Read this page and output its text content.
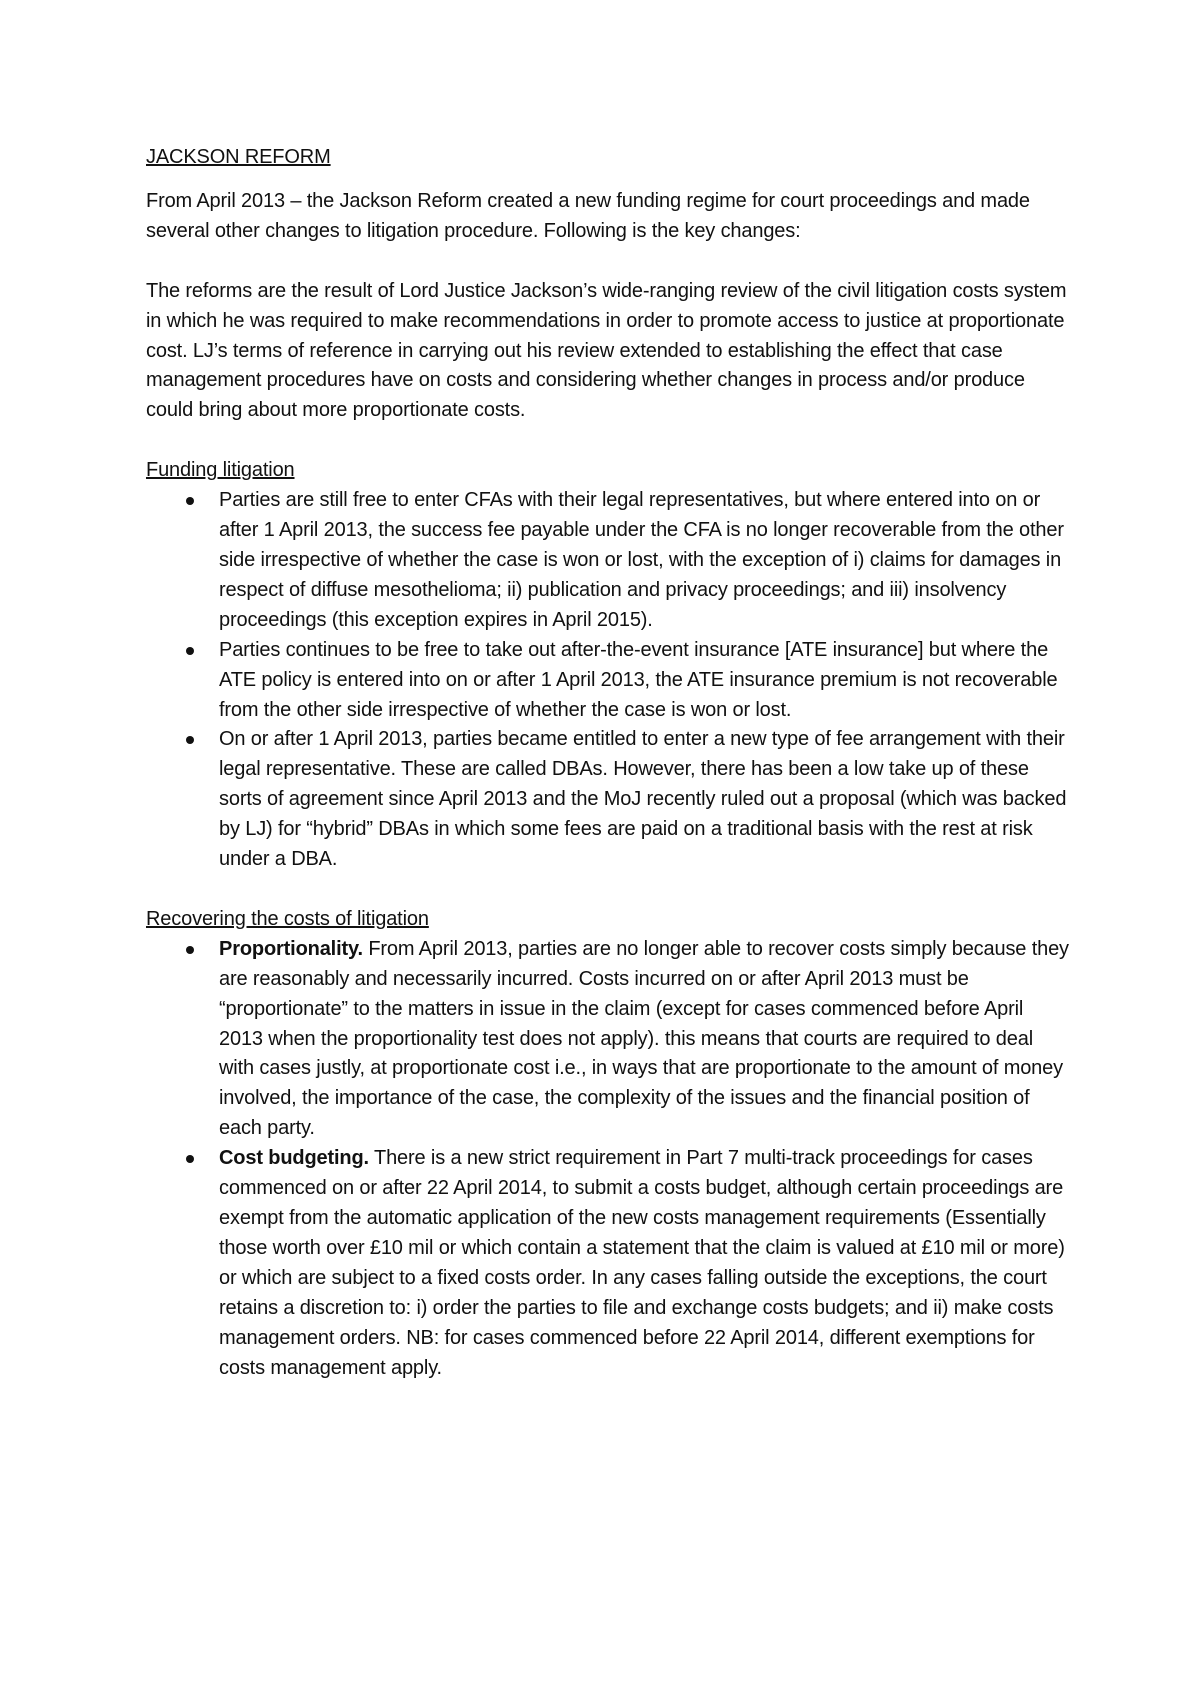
JACKSON REFORM

From April 2013 – the Jackson Reform created a new funding regime for court proceedings and made several other changes to litigation procedure. Following is the key changes:

The reforms are the result of Lord Justice Jackson’s wide-ranging review of the civil litigation costs system in which he was required to make recommendations in order to promote access to justice at proportionate cost. LJ’s terms of reference in carrying out his review extended to establishing the effect that case management procedures have on costs and considering whether changes in process and/or produce could bring about more proportionate costs.

Funding litigation

Parties are still free to enter CFAs with their legal representatives, but where entered into on or after 1 April 2013, the success fee payable under the CFA is no longer recoverable from the other side irrespective of whether the case is won or lost, with the exception of i) claims for damages in respect of diffuse mesothelioma; ii) publication and privacy proceedings; and iii) insolvency proceedings (this exception expires in April 2015).
Parties continues to be free to take out after-the-event insurance [ATE insurance] but where the ATE policy is entered into on or after 1 April 2013, the ATE insurance premium is not recoverable from the other side irrespective of whether the case is won or lost.
On or after 1 April 2013, parties became entitled to enter a new type of fee arrangement with their legal representative. These are called DBAs. However, there has been a low take up of these sorts of agreement since April 2013 and the MoJ recently ruled out a proposal (which was backed by LJ) for “hybrid” DBAs in which some fees are paid on a traditional basis with the rest at risk under a DBA.

Recovering the costs of litigation

Proportionality. From April 2013, parties are no longer able to recover costs simply because they are reasonably and necessarily incurred. Costs incurred on or after April 2013 must be “proportionate” to the matters in issue in the claim (except for cases commenced before April 2013 when the proportionality test does not apply). this means that courts are required to deal with cases justly, at proportionate cost i.e., in ways that are proportionate to the amount of money involved, the importance of the case, the complexity of the issues and the financial position of each party.
Cost budgeting. There is a new strict requirement in Part 7 multi-track proceedings for cases commenced on or after 22 April 2014, to submit a costs budget, although certain proceedings are exempt from the automatic application of the new costs management requirements (Essentially those worth over £10 mil or which contain a statement that the claim is valued at £10 mil or more) or which are subject to a fixed costs order. In any cases falling outside the exceptions, the court retains a discretion to: i) order the parties to file and exchange costs budgets; and ii) make costs management orders. NB: for cases commenced before 22 April 2014, different exemptions for costs management apply.
